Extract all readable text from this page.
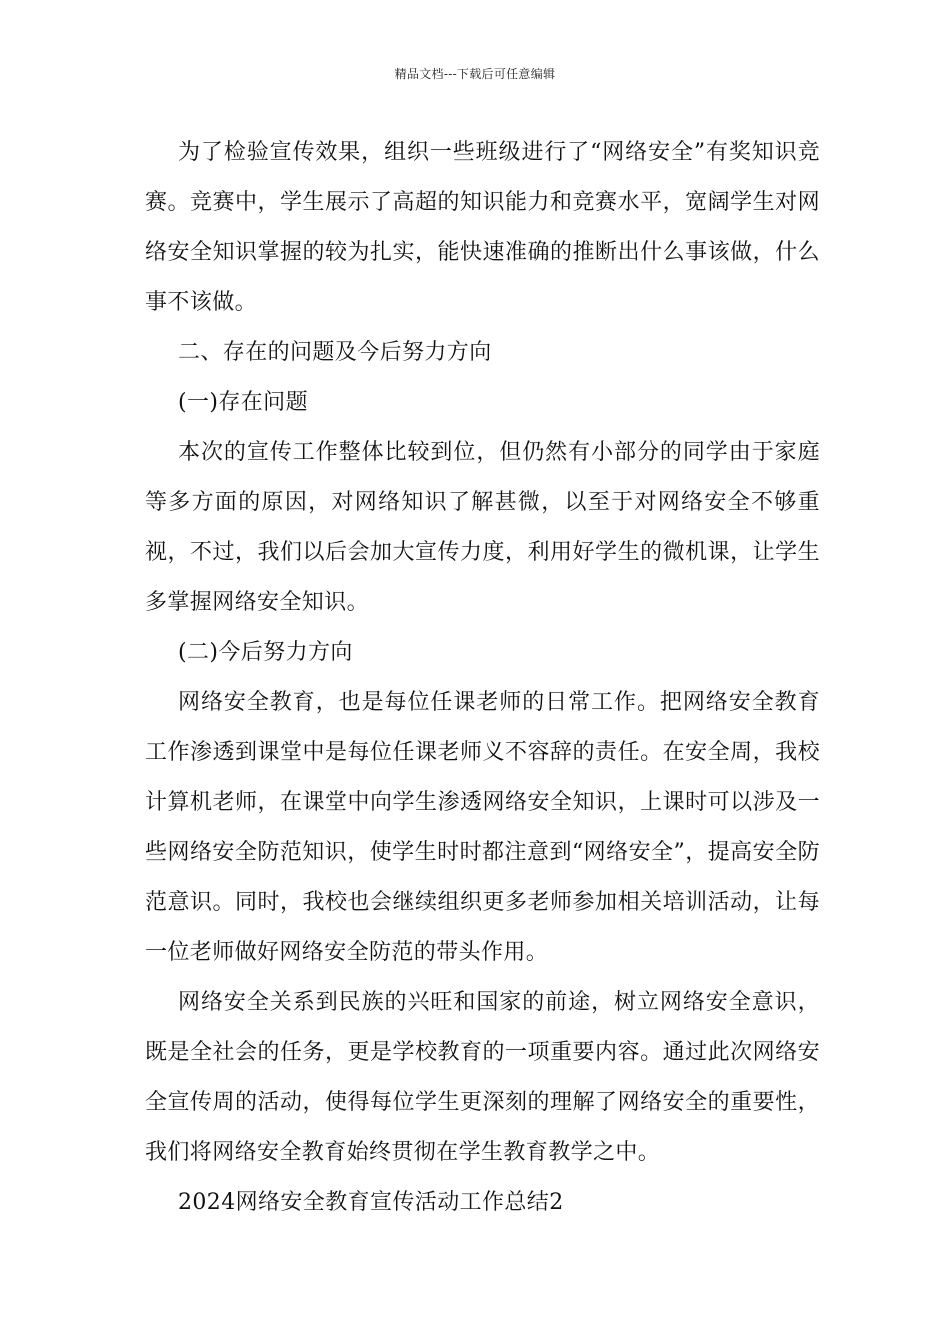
精品文档---下载后可任意编辑

为了检验宣传效果，组织一些班级进行了“网络安全”有奖知识竞赛。竞赛中，学生展示了高超的知识能力和竞赛水平，宽阔学生对网络安全知识掌握的较为扎实，能快速准确的推断出什么事该做，什么事不该做。

二、存在的问题及今后努力方向

(一)存在问题

本次的宣传工作整体比较到位，但仍然有小部分的同学由于家庭等多方面的原因，对网络知识了解甚微，以至于对网络安全不够重视，不过，我们以后会加大宣传力度，利用好学生的微机课，让学生多掌握网络安全知识。

(二)今后努力方向

网络安全教育，也是每位任课老师的日常工作。把网络安全教育工作渗透到课堂中是每位任课老师义不容辞的责任。在安全周，我校计算机老师，在课堂中向学生渗透网络安全知识，上课时可以涉及一些网络安全防范知识，使学生时时都注意到“网络安全”，提高安全防范意识。同时，我校也会继续组织更多老师参加相关培训活动，让每一位老师做好网络安全防范的带头作用。

网络安全关系到民族的兴旺和国家的前途，树立网络安全意识，既是全社会的任务，更是学校教育的一项重要内容。通过此次网络安全宣传周的活动，使得每位学生更深刻的理解了网络安全的重要性，我们将网络安全教育始终贯彻在学生教育教学之中。

2024网络安全教育宣传活动工作总结2
